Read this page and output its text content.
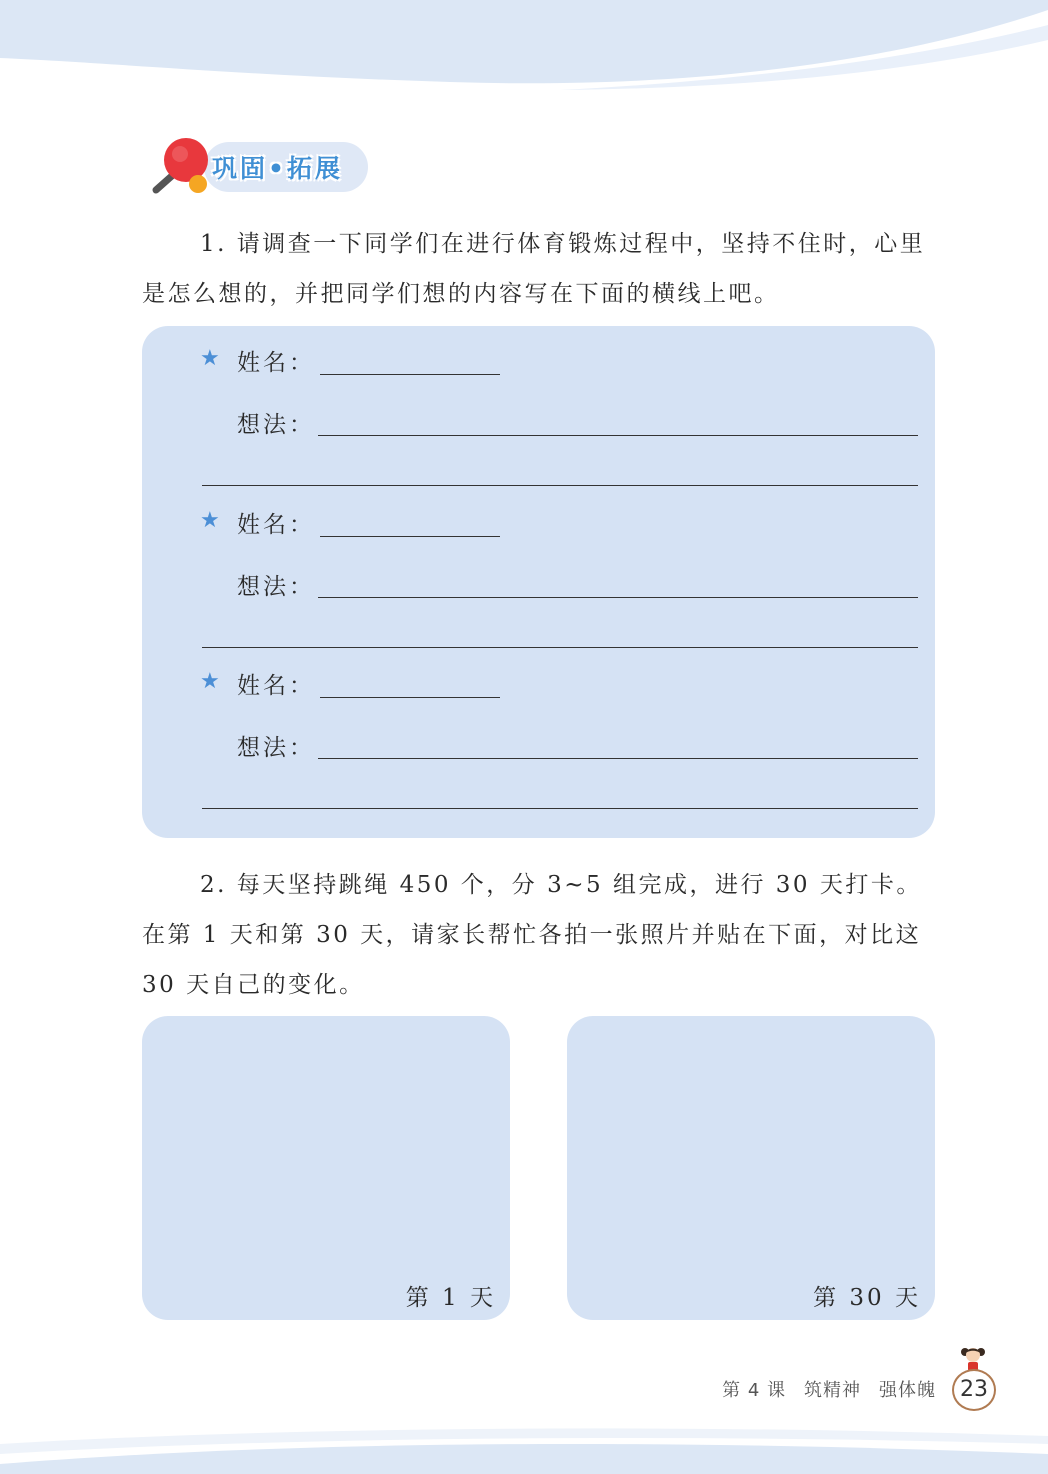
巩固•拓展

1. 请调查一下同学们在进行体育锻炼过程中，坚持不住时，心里是怎么想的，并把同学们想的内容写在下面的横线上吧。

★ 姓名：
想法：
★ 姓名：
想法：
★ 姓名：
想法：

2. 每天坚持跳绳 450 个，分 3~5 组完成，进行 30 天打卡。在第 1 天和第 30 天，请家长帮忙各拍一张照片并贴在下面，对比这 30 天自己的变化。

第 1 天	第 30 天
第 4 课 筑精神 强体魄	23
